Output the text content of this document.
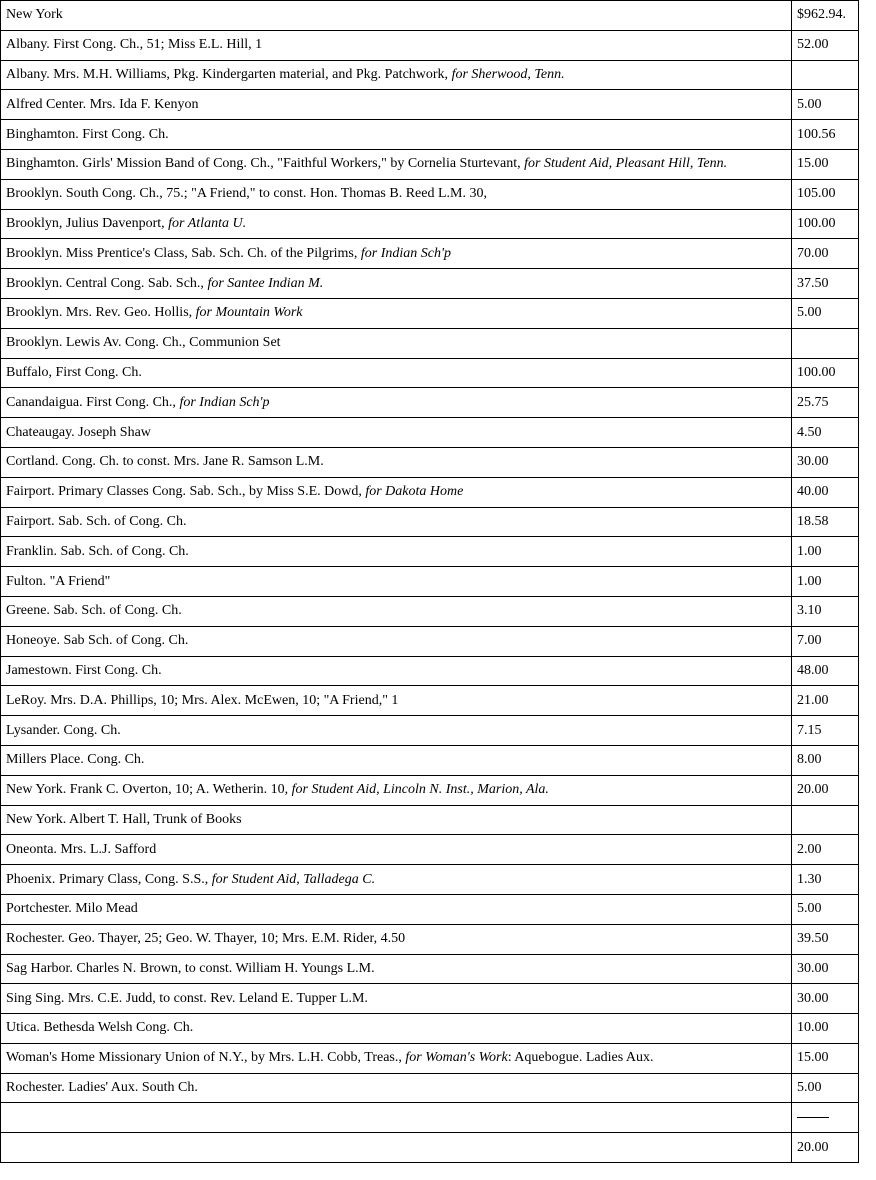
New York	$962.94.
Albany. First Cong. Ch., 51; Miss E.L. Hill, 1	52.00
Albany. Mrs. M.H. Williams, Pkg. Kindergarten material, and Pkg. Patchwork, for Sherwood, Tenn.	
Alfred Center. Mrs. Ida F. Kenyon	5.00
Binghamton. First Cong. Ch.	100.56
Binghamton. Girls' Mission Band of Cong. Ch., "Faithful Workers," by Cornelia Sturtevant, for Student Aid, Pleasant Hill, Tenn.	15.00
Brooklyn. South Cong. Ch., 75.; "A Friend," to const. Hon. Thomas B. Reed L.M. 30,	105.00
Brooklyn, Julius Davenport, for Atlanta U.	100.00
Brooklyn. Miss Prentice's Class, Sab. Sch. Ch. of the Pilgrims, for Indian Sch'p	70.00
Brooklyn. Central Cong. Sab. Sch., for Santee Indian M.	37.50
Brooklyn. Mrs. Rev. Geo. Hollis, for Mountain Work	5.00
Brooklyn. Lewis Av. Cong. Ch., Communion Set	
Buffalo, First Cong. Ch.	100.00
Canandaigua. First Cong. Ch., for Indian Sch'p	25.75
Chateaugay. Joseph Shaw	4.50
Cortland. Cong. Ch. to const. Mrs. Jane R. Samson L.M.	30.00
Fairport. Primary Classes Cong. Sab. Sch., by Miss S.E. Dowd, for Dakota Home	40.00
Fairport. Sab. Sch. of Cong. Ch.	18.58
Franklin. Sab. Sch. of Cong. Ch.	1.00
Fulton. "A Friend"	1.00
Greene. Sab. Sch. of Cong. Ch.	3.10
Honeoye. Sab Sch. of Cong. Ch.	7.00
Jamestown. First Cong. Ch.	48.00
LeRoy. Mrs. D.A. Phillips, 10; Mrs. Alex. McEwen, 10; "A Friend," 1	21.00
Lysander. Cong. Ch.	7.15
Millers Place. Cong. Ch.	8.00
New York. Frank C. Overton, 10; A. Wetherin. 10, for Student Aid, Lincoln N. Inst., Marion, Ala.	20.00
New York. Albert T. Hall, Trunk of Books	
Oneonta. Mrs. L.J. Safford	2.00
Phoenix. Primary Class, Cong. S.S., for Student Aid, Talladega C.	1.30
Portchester. Milo Mead	5.00
Rochester. Geo. Thayer, 25; Geo. W. Thayer, 10; Mrs. E.M. Rider, 4.50	39.50
Sag Harbor. Charles N. Brown, to const. William H. Youngs L.M.	30.00
Sing Sing. Mrs. C.E. Judd, to const. Rev. Leland E. Tupper L.M.	30.00
Utica. Bethesda Welsh Cong. Ch.	10.00
Woman's Home Missionary Union of N.Y., by Mrs. L.H. Cobb, Treas., for Woman's Work: Aquebogue. Ladies Aux.	15.00
Rochester. Ladies' Aux. South Ch.	5.00

	20.00
